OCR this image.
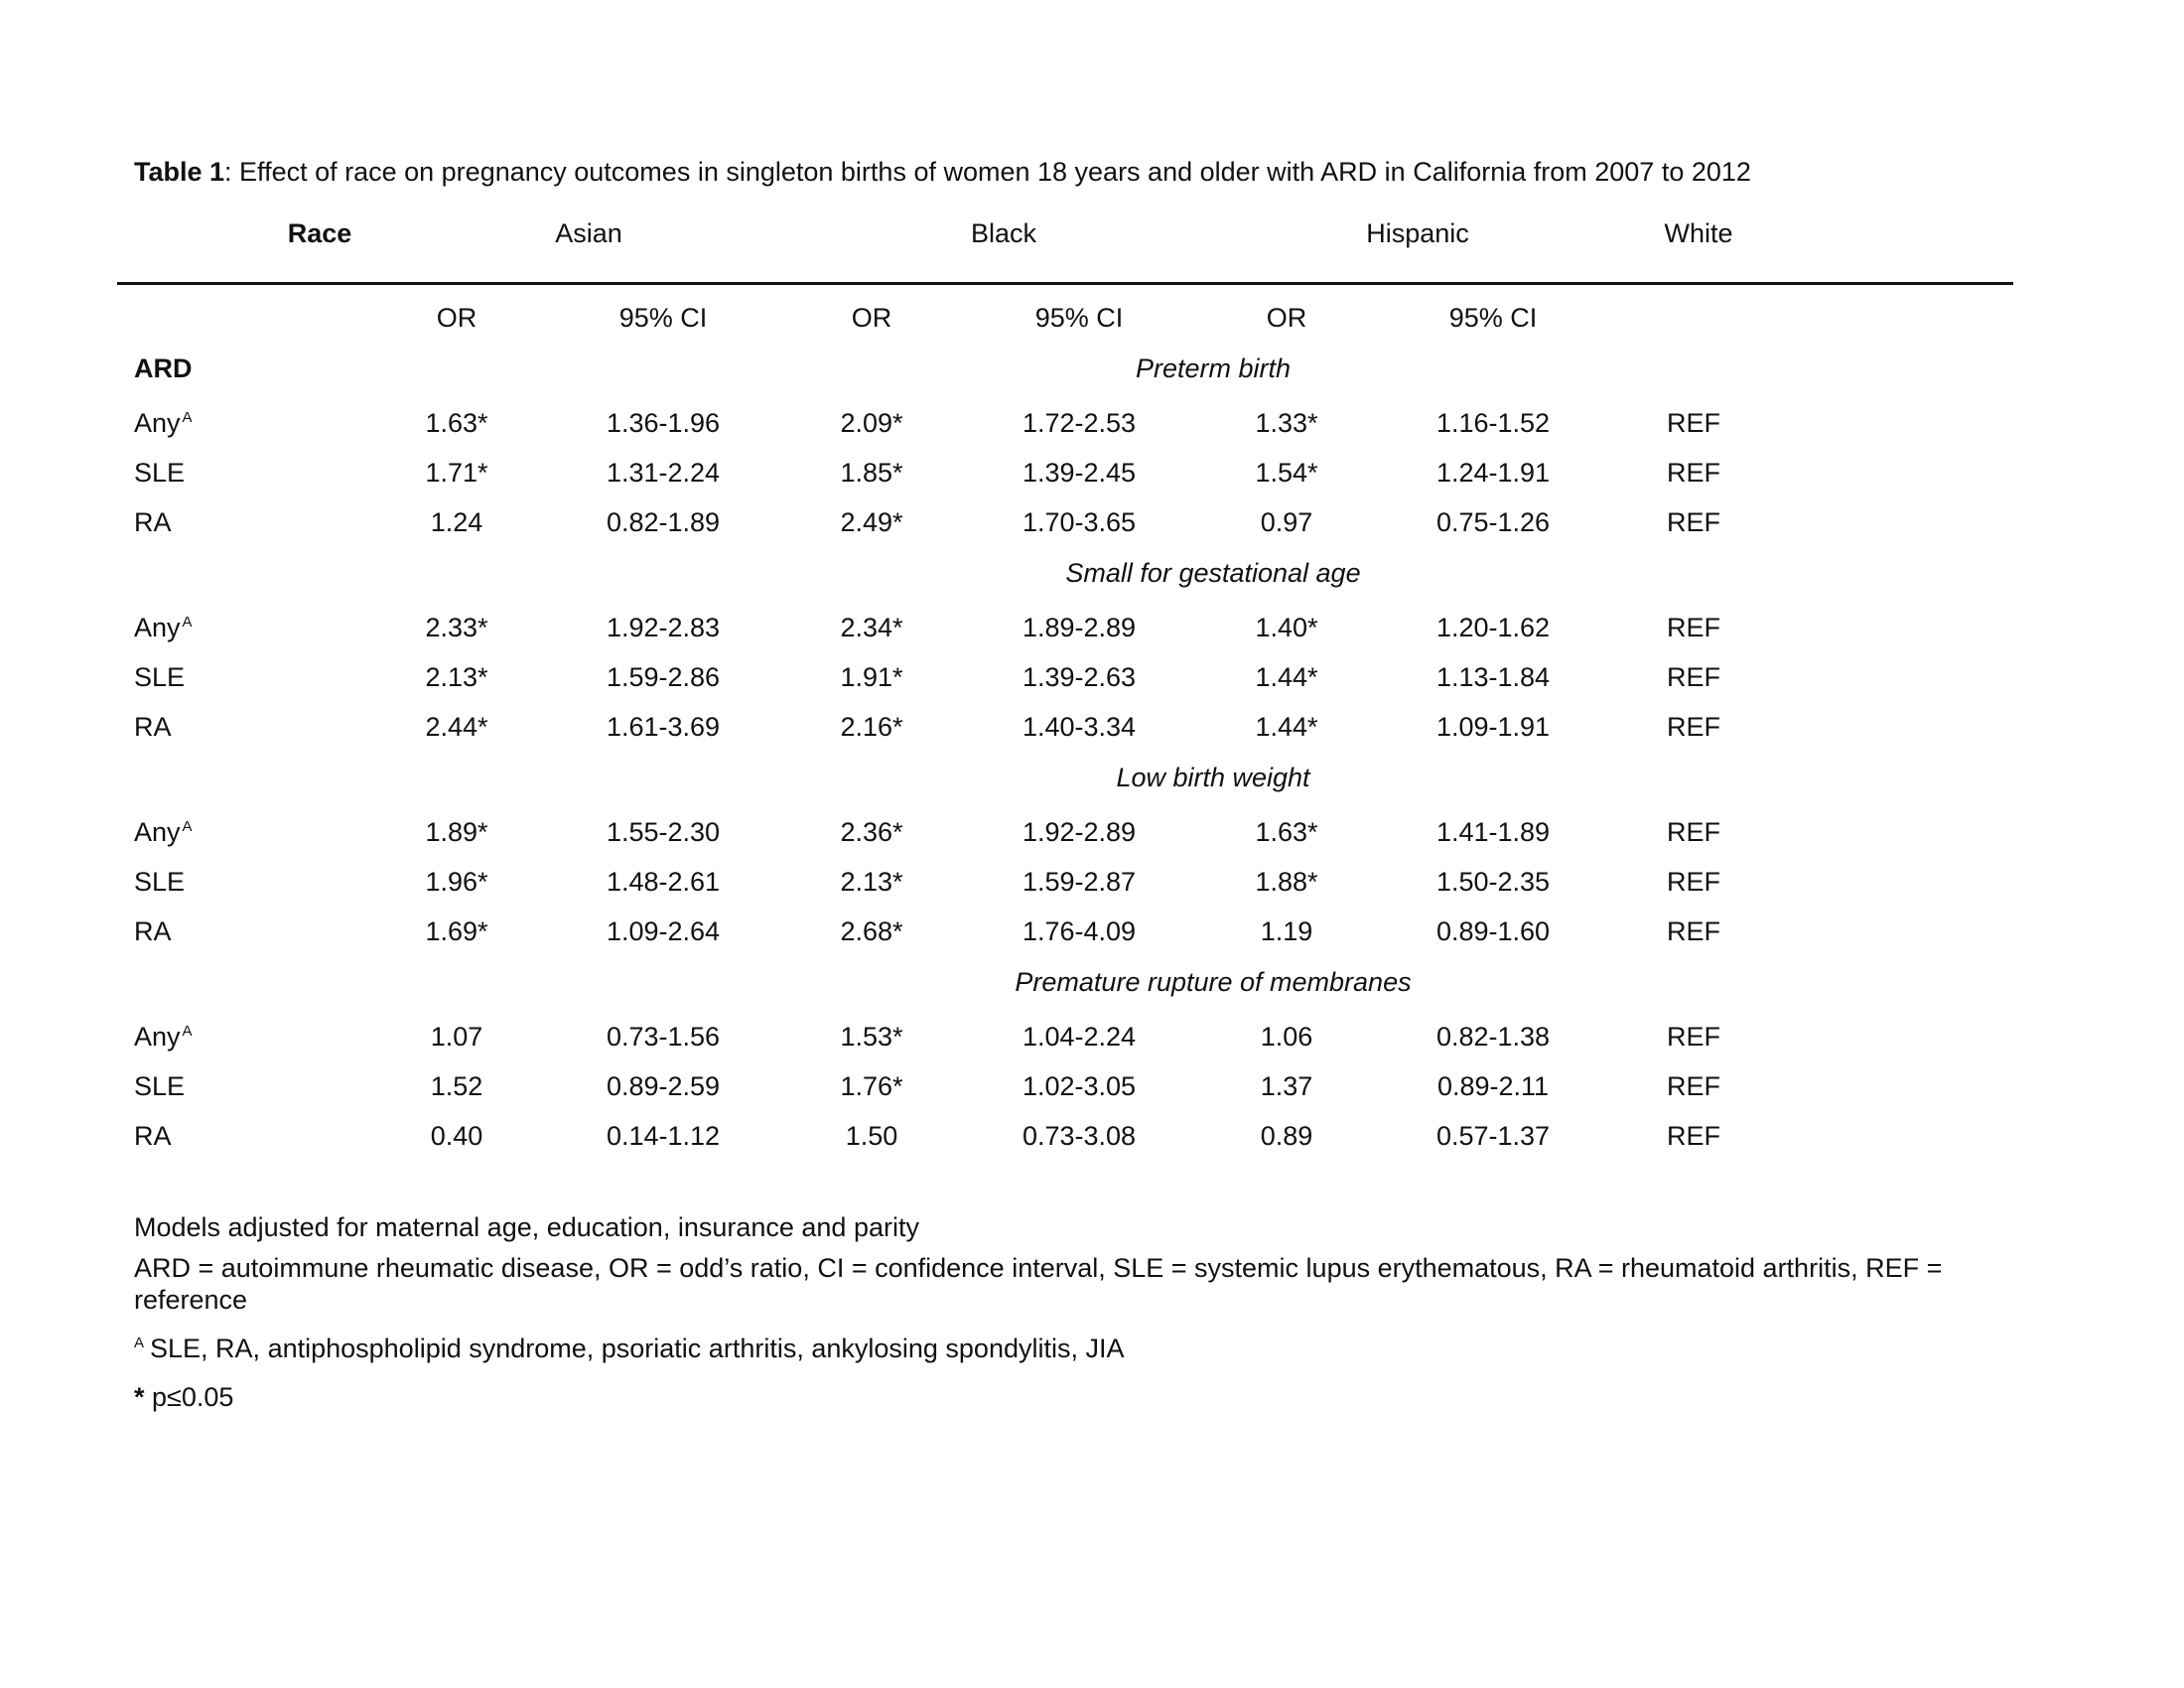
Table 1: Effect of race on pregnancy outcomes in singleton births of women 18 years and older with ARD in California from 2007 to 2012
Race	Asian	Black	Hispanic	White
OR	95% CI	OR	95% CI	OR	95% CI
ARD	Preterm birth
Any $^A$	1.63*	1.36-1.96	2.09*	1.72-2.53	1.33*	1.16-1.52	REF
SLE	1.71*	1.31-2.24	1.85*	1.39-2.45	1.54*	1.24-1.91	REF
RA	1.24	0.82-1.89	2.49*	1.70-3.65	0.97	0.75-1.26	REF
Small for gestational age
Any $^A$	2.33*	1.92-2.83	2.34*	1.89-2.89	1.40*	1.20-1.62	REF
SLE	2.13*	1.59-2.86	1.91*	1.39-2.63	1.44*	1.13-1.84	REF
RA	2.44*	1.61-3.69	2.16*	1.40-3.34	1.44*	1.09-1.91	REF
Low birth weight
Any $^A$	1.89*	1.55-2.30	2.36*	1.92-2.89	1.63*	1.41-1.89	REF
SLE	1.96*	1.48-2.61	2.13*	1.59-2.87	1.88*	1.50-2.35	REF
RA	1.69*	1.09-2.64	2.68*	1.76-4.09	1.19	0.89-1.60	REF
Premature rupture of membranes
Any $^A$	1.07	0.73-1.56	1.53*	1.04-2.24	1.06	0.82-1.38	REF
SLE	1.52	0.89-2.59	1.76*	1.02-3.05	1.37	0.89-2.11	REF
RA	0.40	0.14-1.12	1.50	0.73-3.08	0.89	0.57-1.37	REF
Models adjusted for maternal age, education, insurance and parity
ARD = autoimmune rheumatic disease, OR = odd’s ratio, CI = confidence interval, SLE = systemic lupus erythematous, RA = rheumatoid arthritis, REF = reference
$^A$ SLE, RA, antiphospholipid syndrome, psoriatic arthritis, ankylosing spondylitis, JIA
* p≤0.05
